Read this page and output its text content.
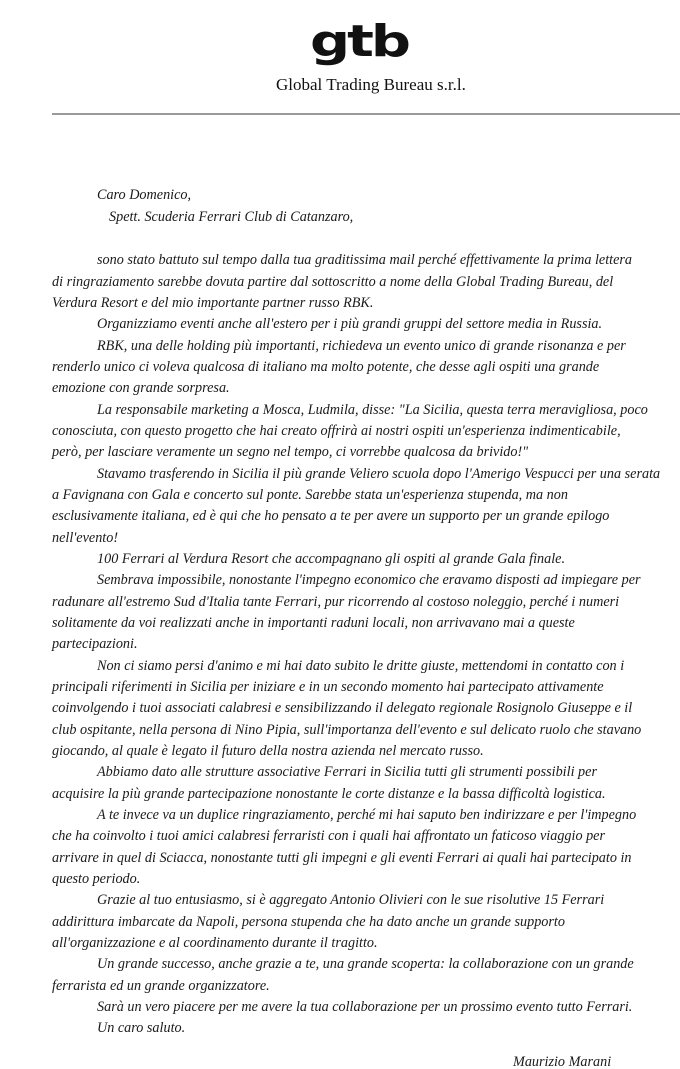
gtb
Global Trading Bureau s.r.l.
Caro Domenico,
Spett. Scuderia Ferrari Club di Catanzaro,
sono stato battuto sul tempo dalla tua graditissima mail perché effettivamente la prima lettera
di ringraziamento sarebbe dovuta partire dal sottoscritto a nome della Global Trading Bureau, del
Verdura Resort e del mio importante partner russo RBK.
Organizziamo eventi anche all'estero per i più grandi gruppi del settore media in Russia.
RBK, una delle holding più importanti, richiedeva un evento unico di grande risonanza e per
renderlo unico ci voleva qualcosa di italiano ma molto potente, che desse agli ospiti una grande
emozione con grande sorpresa.
La responsabile marketing a Mosca, Ludmila, disse: "La Sicilia, questa terra meravigliosa, poco
conosciuta, con questo progetto che hai creato offrirà ai nostri ospiti un'esperienza indimenticabile,
però, per lasciare veramente un segno nel tempo, ci vorrebbe qualcosa da brivido!"
Stavamo trasferendo in Sicilia il più grande Veliero scuola dopo l'Amerigo Vespucci per una serata
a Favignana con Gala e concerto sul ponte. Sarebbe stata un'esperienza stupenda, ma non
esclusivamente italiana, ed è qui che ho pensato a te per avere un supporto per un grande epilogo
nell'evento!
100 Ferrari al Verdura Resort che accompagnano gli ospiti al grande Gala finale.
Sembrava impossibile, nonostante l'impegno economico che eravamo disposti ad impiegare per
radunare all'estremo Sud d'Italia tante Ferrari, pur ricorrendo al costoso noleggio, perché i numeri
solitamente da voi realizzati anche in importanti raduni locali, non arrivavano mai a queste
partecipazioni.
Non ci siamo persi d'animo e mi hai dato subito le dritte giuste, mettendomi in contatto con i
principali riferimenti in Sicilia per iniziare e in un secondo momento hai partecipato attivamente
coinvolgendo i tuoi associati calabresi e sensibilizzando il delegato regionale Rosignolo Giuseppe e il
club ospitante, nella persona di Nino Pipia, sull'importanza dell'evento e sul delicato ruolo che stavano
giocando, al quale è legato il futuro della nostra azienda nel mercato russo.
Abbiamo dato alle strutture associative Ferrari in Sicilia tutti gli strumenti possibili per
acquisire la più grande partecipazione nonostante le corte distanze e la bassa difficoltà logistica.
A te invece va un duplice ringraziamento, perché mi hai saputo ben indirizzare e per l'impegno
che ha coinvolto i tuoi amici calabresi ferraristi con i quali hai affrontato un faticoso viaggio per
arrivare in quel di Sciacca, nonostante tutti gli impegni e gli eventi Ferrari ai quali hai partecipato in
questo periodo.
Grazie al tuo entusiasmo, si è aggregato Antonio Olivieri con le sue risolutive 15 Ferrari
addirittura imbarcate da Napoli, persona stupenda che ha dato anche un grande supporto
all'organizzazione e al coordinamento durante il tragitto.
Un grande successo, anche grazie a te, una grande scoperta: la collaborazione con un grande
ferrarista ed un grande organizzatore.
Sarà un vero piacere per me avere la tua collaborazione per un prossimo evento tutto Ferrari.
Un caro saluto.
Maurizio Marani
